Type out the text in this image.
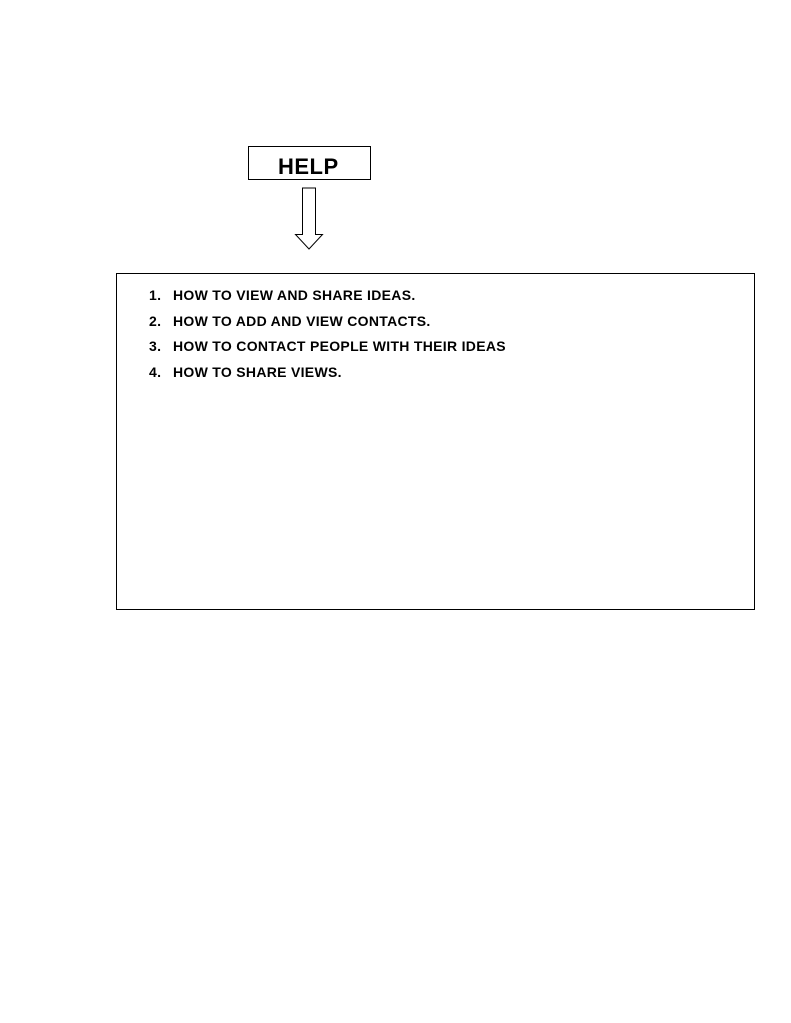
HELP
1. HOW TO VIEW AND SHARE IDEAS.
2. HOW TO ADD AND VIEW CONTACTS.
3. HOW TO CONTACT PEOPLE WITH THEIR IDEAS
4. HOW TO SHARE VIEWS.
